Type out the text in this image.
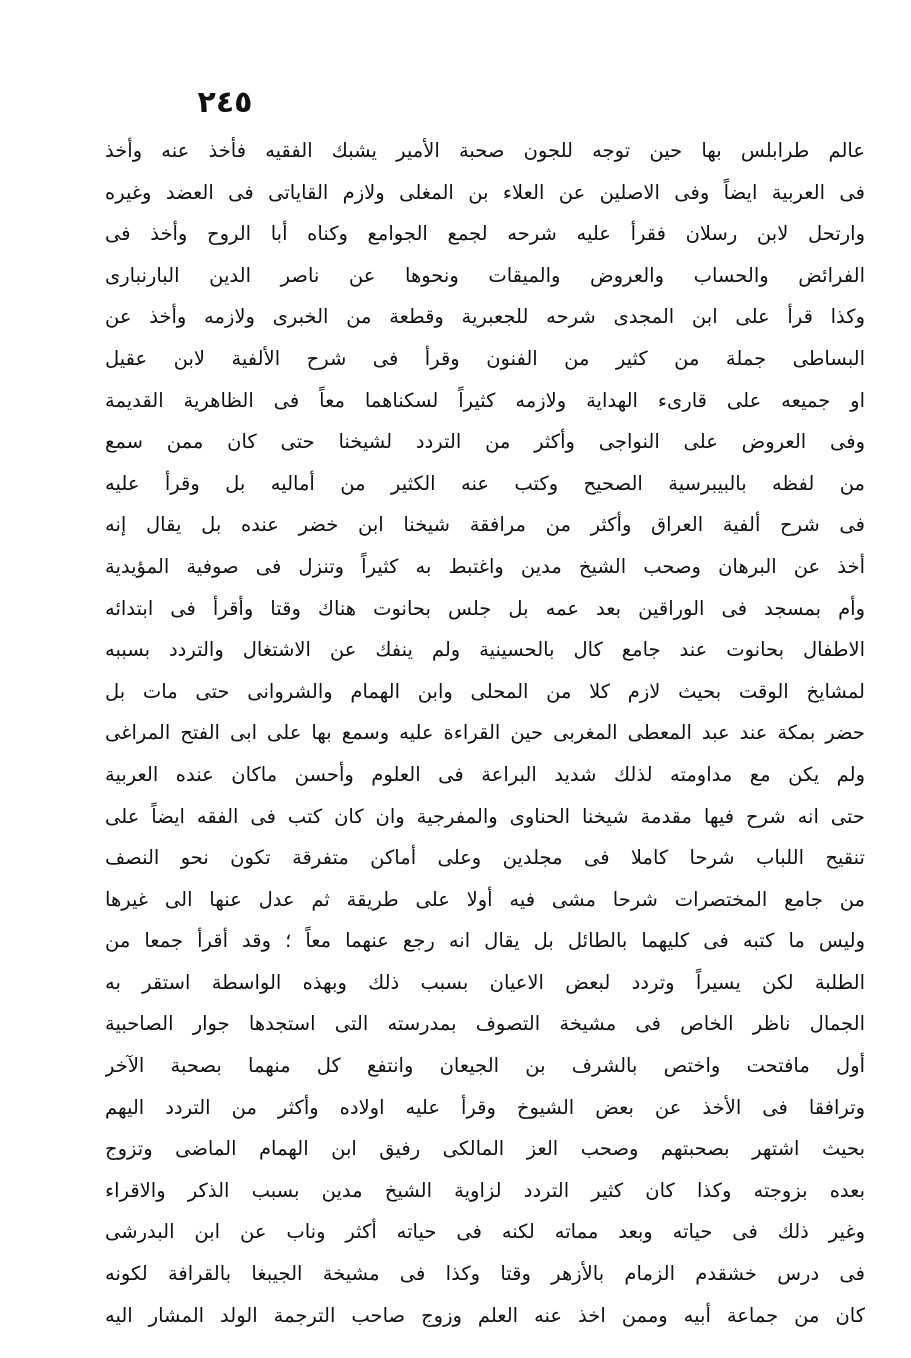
٢٤٥
عالم طرابلس بها حين توجه للجون صحبة الأمير يشبك الفقيه فأخذ عنه وأخذ
فى العربية ايضاً وفى الاصلين عن العلاء بن المغلى ولازم القاياتى فى العضد وغيره
وارتحل لابن رسلان فقرأ عليه شرحه لجمع الجوامع وكناه أبا الروح وأخذ فى
الفرائض والحساب والعروض والميقات ونحوها عن ناصر الدين البارنبارى
وكذا قرأ على ابن المجدى شرحه للجعبرية وقطعة من الخبرى ولازمه وأخذ عن
البساطى جملة من كثير من الفنون وقرأ فى شرح الألفية لابن عقيل
او جميعه على قارىء الهداية ولازمه كثيراً لسكناهما معاً فى الظاهرية القديمة
وفى العروض على النواجى وأكثر من التردد لشيخنا حتى كان ممن سمع
من لفظه بالبيبرسية الصحيح وكتب عنه الكثير من أماليه بل وقرأ عليه
فى شرح ألفية العراق وأكثر من مرافقة شيخنا ابن خضر عنده بل يقال إنه
أخذ عن البرهان وصحب الشيخ مدين واغتبط به كثيراً وتنزل فى صوفية المؤيدية
وأم بمسجد فى الوراقين بعد عمه بل جلس بحانوت هناك وقتا وأقرأ فى ابتدائه
الاطفال بحانوت عند جامع كال بالحسينية ولم ينفك عن الاشتغال والتردد بسببه
لمشايخ الوقت بحيث لازم كلا من المحلى وابن الهمام والشروانى حتى مات بل
حضر بمكة عند عبد المعطى المغربى حين القراءة عليه وسمع بها على ابى الفتح المراغى
ولم يكن مع مداومته لذلك شديد البراعة فى العلوم وأحسن ماكان عنده العربية
حتى انه شرح فيها مقدمة شيخنا الحناوى والمفرجية وان كان كتب فى الفقه ايضاً على
تنقيح اللباب شرحا كاملا فى مجلدين وعلى أماكن متفرقة تكون نحو النصف
من جامع المختصرات شرحا مشى فيه أولا على طريقة ثم عدل عنها الى غيرها
وليس ما كتبه فى كليهما بالطائل بل يقال انه رجع عنهما معاً ؛ وقد أقرأ جمعا من
الطلبة لكن يسيراً وتردد لبعض الاعيان بسبب ذلك وبهذه الواسطة استقر به
الجمال ناظر الخاص فى مشيخة التصوف بمدرسته التى استجدها جوار الصاحبية
أول مافتحت واختص بالشرف بن الجيعان وانتفع كل منهما بصحبة الآخر
وترافقا فى الأخذ عن بعض الشيوخ وقرأ عليه اولاده وأكثر من التردد اليهم
بحيث اشتهر بصحبتهم وصحب العز المالكى رفيق ابن الهمام الماضى وتزوج
بعده بزوجته وكذا كان كثير التردد لزاوية الشيخ مدين بسبب الذكر والاقراء
وغير ذلك فى حياته وبعد مماته لكنه فى حياته أكثر وناب عن ابن البدرشى
فى درس خشقدم الزمام بالأزهر وقتا وكذا فى مشيخة الجيبغا بالقرافة لكونه
كان من جماعة أبيه وممن اخذ عنه العلم وزوج صاحب الترجمة الولد المشار اليه
